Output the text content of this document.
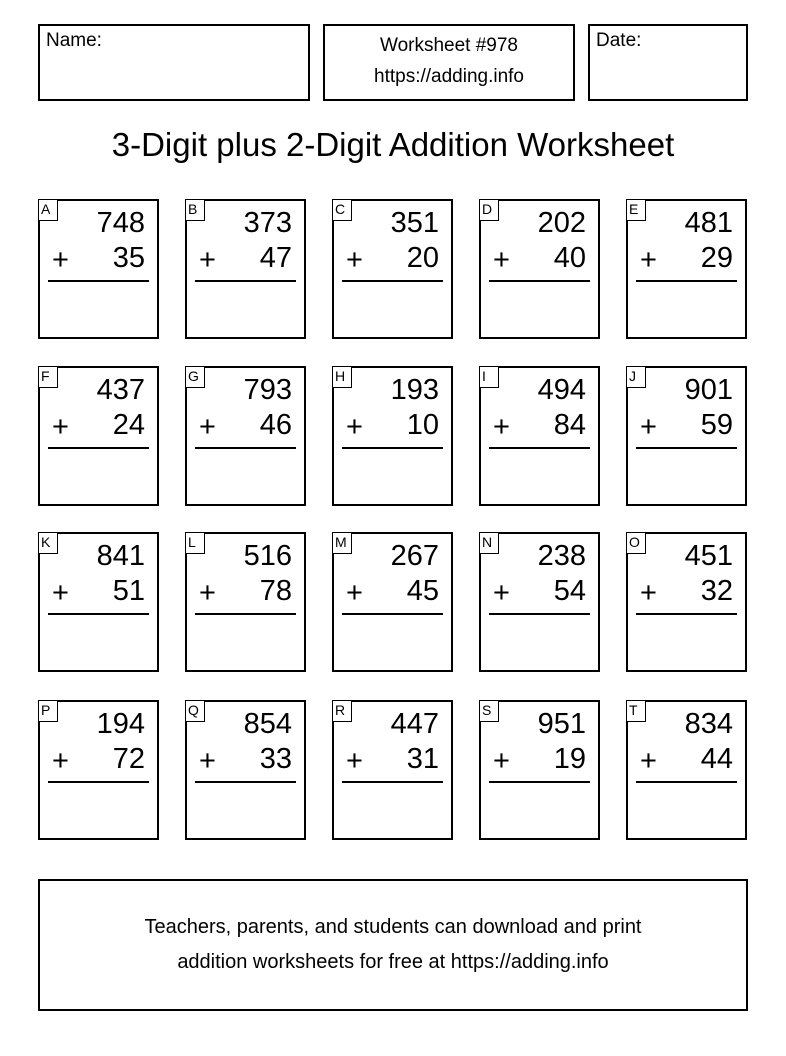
Name:	Worksheet #978
https://adding.info
Date:
3-Digit plus 2-Digit Addition Worksheet
A 748
+ 35
B 373
+ 47
C 351
+ 20
D 202
+ 40
E 481
+ 29
F 437
+ 24
G 793
+ 46
H 193
+ 10
I	494
+ 84
J	901
+ 59
K 841
+ 51
L	516
+ 78
M 267
+ 45
N 238
+ 54
O 451
+ 32
P 194
+ 72
Q 854
+ 33
R 447
+ 31
S 951
+ 19
T 834
+ 44
Teachers, parents, and students can download and print
addition worksheets for free at https://adding.info
